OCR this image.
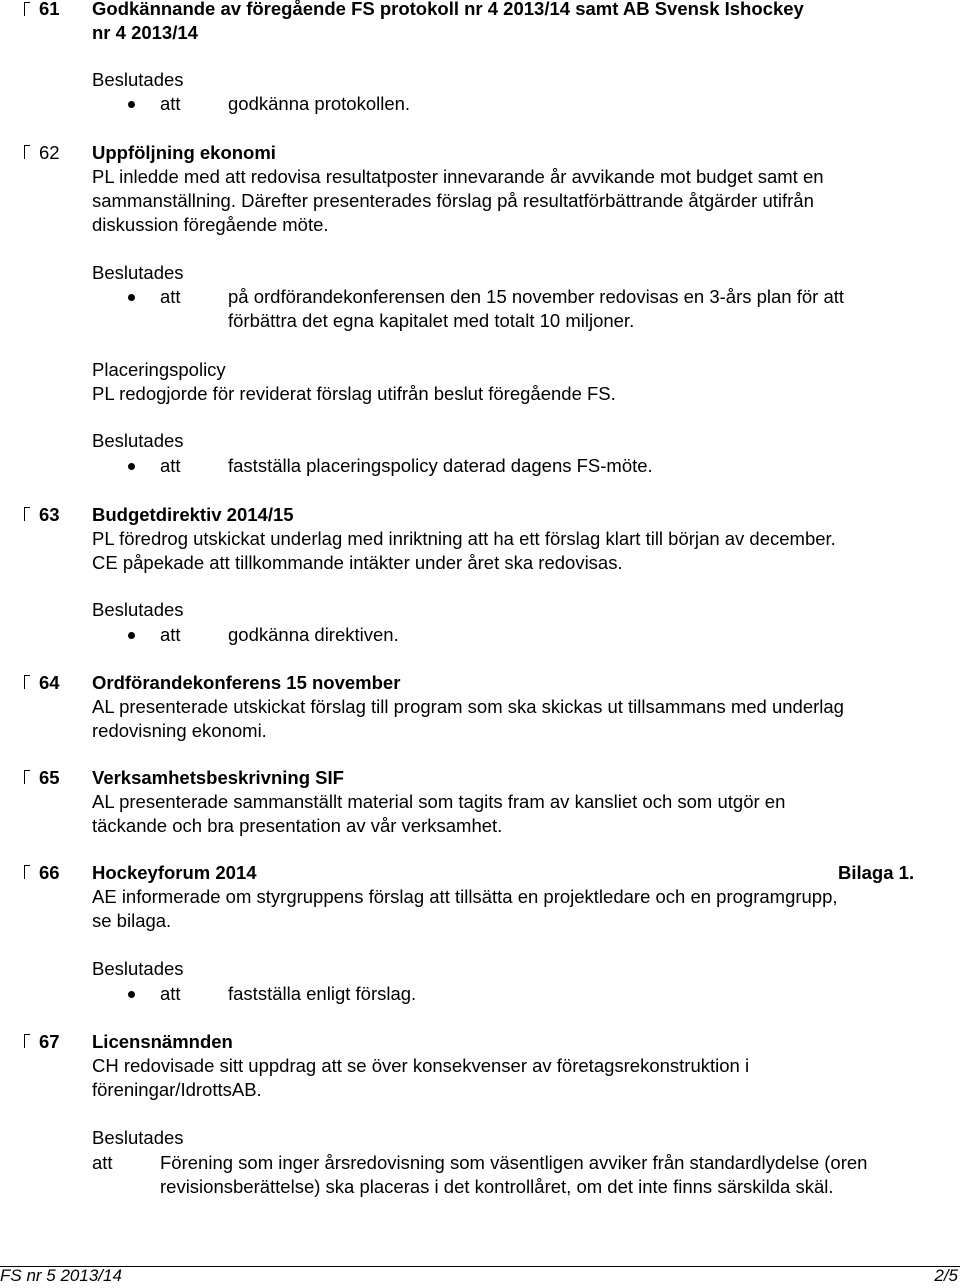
61 Godkännande av föregående FS protokoll nr 4 2013/14 samt AB Svensk Ishockey
nr 4 2013/14
Beslutades
att	godkänna protokollen.
62 Uppföljning ekonomi
PL inledde med att redovisa resultatposter innevarande år avvikande mot budget samt en
sammanställning. Därefter presenterades förslag på resultatförbättrande åtgärder utifrån
diskussion föregående möte.
Beslutades
att	på ordförandekonferensen den 15 november redovisas en 3-års plan för att
förbättra det egna kapitalet med totalt 10 miljoner.
Placeringspolicy
PL redogjorde för reviderat förslag utifrån beslut föregående FS.
Beslutades
att	fastställa placeringspolicy daterad dagens FS-möte.
63 Budgetdirektiv 2014/15
PL föredrog utskickat underlag med inriktning att ha ett förslag klart till början av december.
CE påpekade att tillkommande intäkter under året ska redovisas.
Beslutades
att	godkänna direktiven.
64 Ordförandekonferens 15 november
AL presenterade utskickat förslag till program som ska skickas ut tillsammans med underlag
redovisning ekonomi.
65 Verksamhetsbeskrivning SIF
AL presenterade sammanställt material som tagits fram av kansliet och som utgör en
täckande och bra presentation av vår verksamhet.
66 Hockeyforum 2014	Bilaga 1.
AE informerade om styrgruppens förslag att tillsätta en projektledare och en programgrupp,
se bilaga.
Beslutades
att	fastställa enligt förslag.
67 Licensnämnden
CH redovisade sitt uppdrag att se över konsekvenser av företagsrekonstruktion i
föreningar/IdrottsAB.
Beslutades
att	Förening som inger årsredovisning som väsentligen avviker från standardlydelse (oren
revisionsberättelse) ska placeras i det kontrollåret, om det inte finns särskilda skäl.
FS nr 5 2013/14	2/5
